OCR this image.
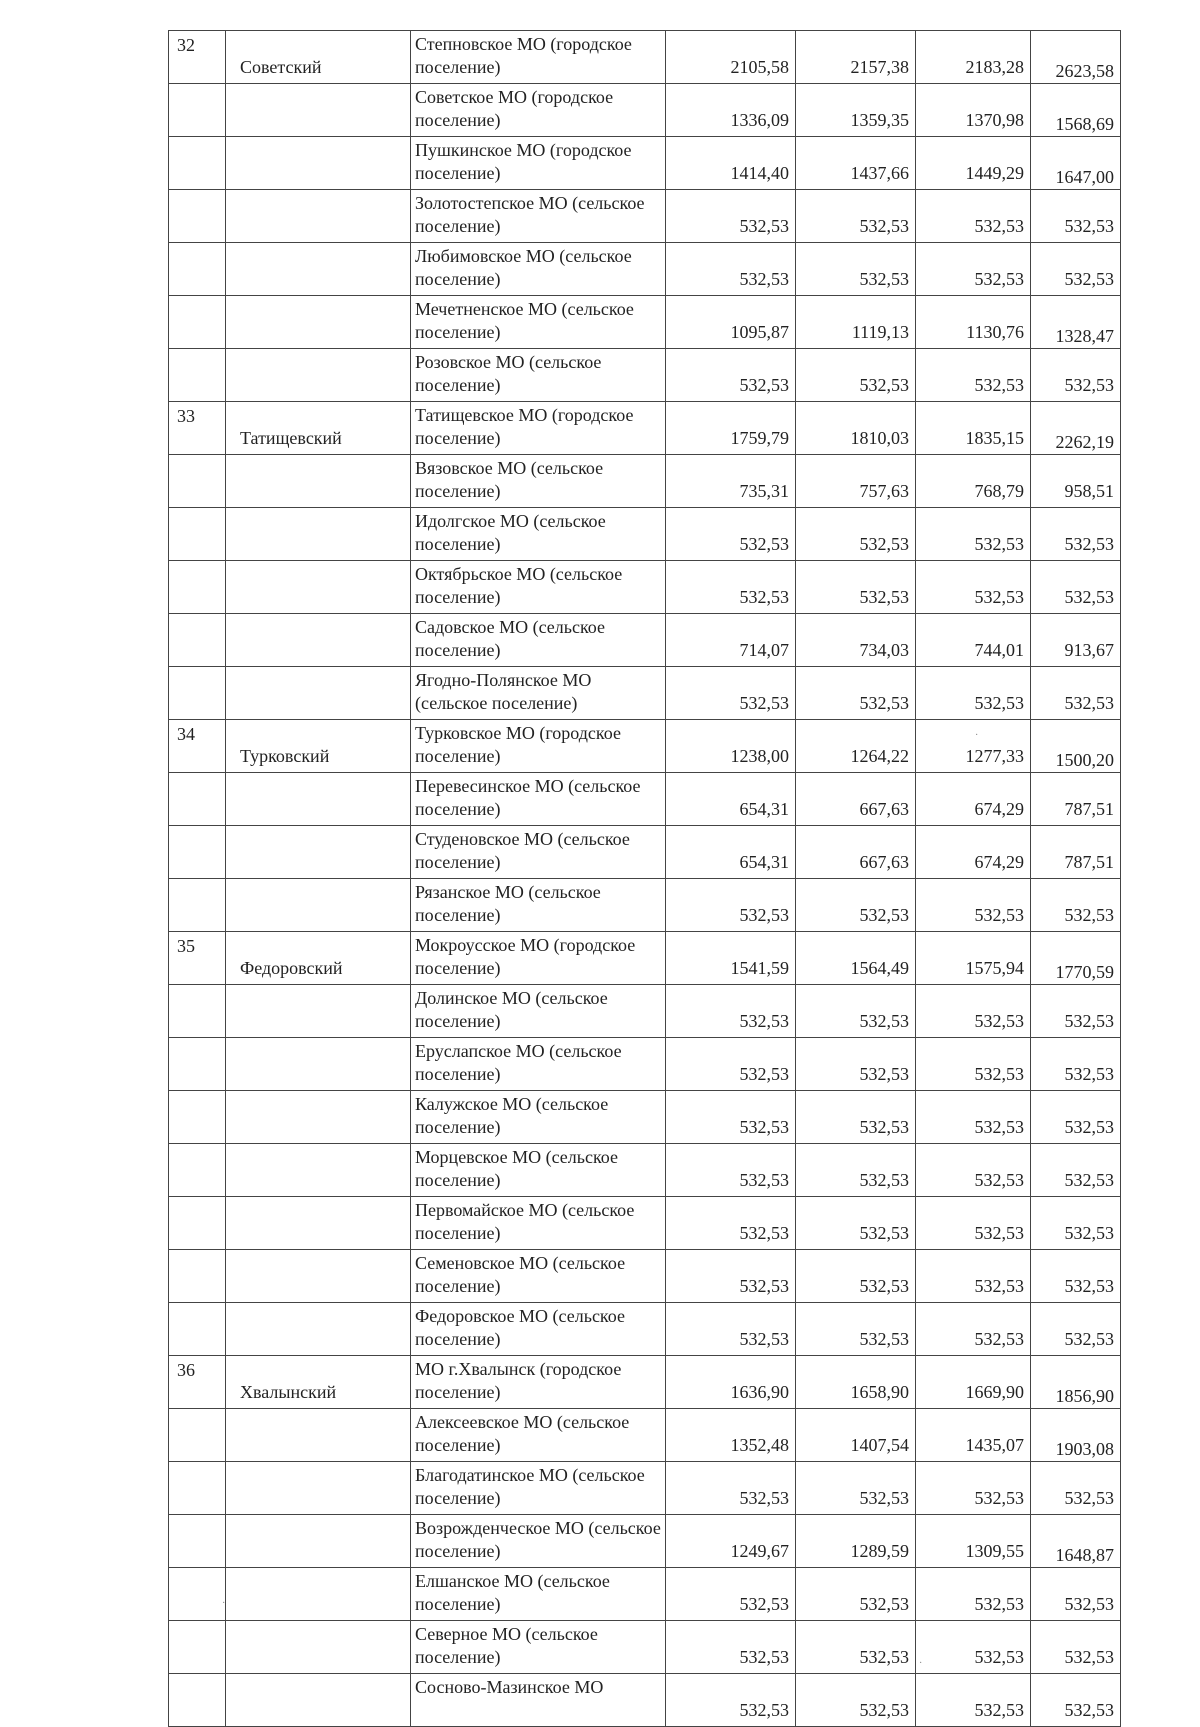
32	Советский	Степновское МО (городское поселение)	2105,58	2157,38	2183,28	2623,58
		Советское МО (городское поселение)	1336,09	1359,35	1370,98	1568,69
		Пушкинское МО (городское поселение)	1414,40	1437,66	1449,29	1647,00
		Золотостепское МО (сельское поселение)	532,53	532,53	532,53	532,53
		Любимовское МО (сельское поселение)	532,53	532,53	532,53	532,53
		Мечетненское МО (сельское поселение)	1095,87	1119,13	1130,76	1328,47
		Розовское МО (сельское поселение)	532,53	532,53	532,53	532,53
33	Татищевский	Татищевское МО (городское поселение)	1759,79	1810,03	1835,15	2262,19
		Вязовское МО (сельское поселение)	735,31	757,63	768,79	958,51
		Идолгское МО (сельское поселение)	532,53	532,53	532,53	532,53
		Октябрьское МО (сельское поселение)	532,53	532,53	532,53	532,53
		Садовское МО (сельское поселение)	714,07	734,03	744,01	913,67
		Ягодно-Полянское МО (сельское поселение)	532,53	532,53	532,53	532,53
34	Турковский	Турковское МО (городское поселение)	1238,00	1264,22	1277,33	1500,20
		Перевесинское МО (сельское поселение)	654,31	667,63	674,29	787,51
		Студеновское МО (сельское поселение)	654,31	667,63	674,29	787,51
		Рязанское МО (сельское поселение)	532,53	532,53	532,53	532,53
35	Федоровский	Мокроусское МО (городское поселение)	1541,59	1564,49	1575,94	1770,59
		Долинское МО (сельское поселение)	532,53	532,53	532,53	532,53
		Еруслапское МО (сельское поселение)	532,53	532,53	532,53	532,53
		Калужское МО (сельское поселение)	532,53	532,53	532,53	532,53
		Морцевское МО (сельское поселение)	532,53	532,53	532,53	532,53
		Первомайское МО (сельское поселение)	532,53	532,53	532,53	532,53
		Семеновское МО (сельское поселение)	532,53	532,53	532,53	532,53
		Федоровское МО (сельское поселение)	532,53	532,53	532,53	532,53
36	Хвалынский	МО г.Хвалынск (городское поселение)	1636,90	1658,90	1669,90	1856,90
		Алексеевское МО (сельское поселение)	1352,48	1407,54	1435,07	1903,08
		Благодатинское МО (сельское поселение)	532,53	532,53	532,53	532,53
		Возрожденческое МО (сельское поселение)	1249,67	1289,59	1309,55	1648,87
		Елшанское МО (сельское поселение)	532,53	532,53	532,53	532,53
		Северное МО (сельское поселение)	532,53	532,53	532,53	532,53
		Сосново-Мазинское МО	532,53	532,53	532,53	532,53
·
·
·
